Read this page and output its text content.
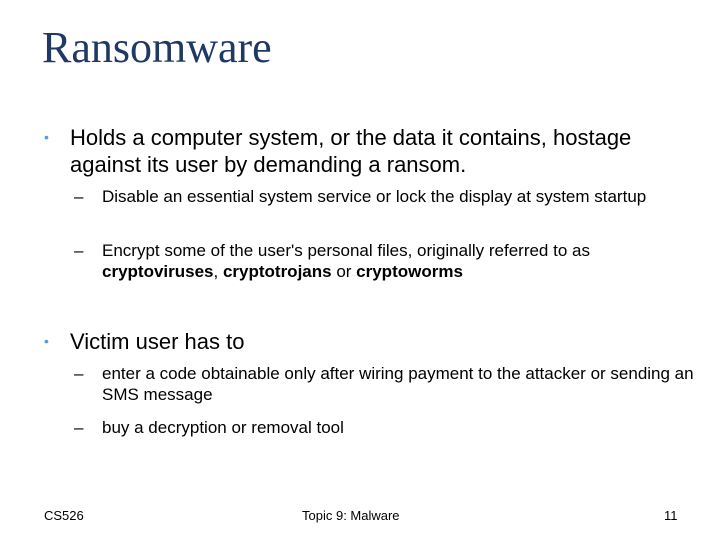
Ransomware
• Holds a computer system, or the data it contains, hostage against its user by demanding a ransom.
–	Disable an essential system service or lock the display at system startup
–	Encrypt some of the user's personal files, originally referred to as cryptoviruses, cryptotrojans or cryptoworms
• Victim user has to
–	enter a code obtainable only after wiring payment to the attacker or sending an SMS message
–	buy a decryption or removal tool
CS526	Topic 9: Malware	11
